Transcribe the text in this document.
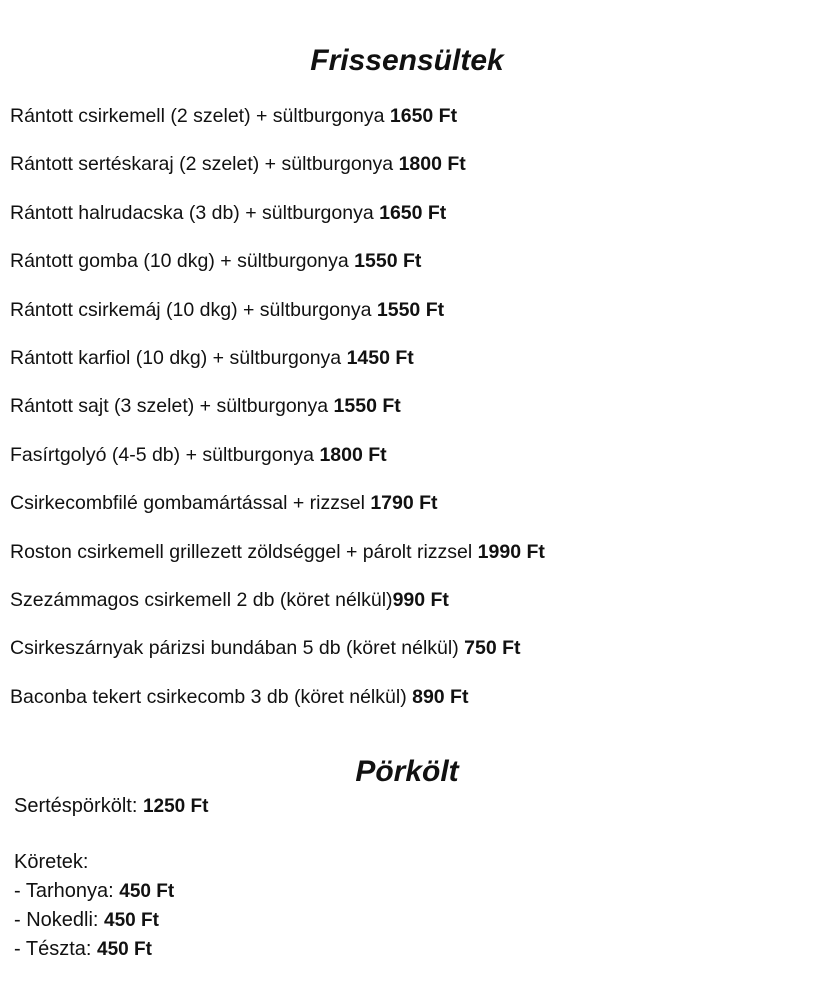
Frissensültek
Rántott csirkemell (2 szelet) + sültburgonya 1650 Ft
Rántott sertéskaraj (2 szelet) + sültburgonya 1800 Ft
Rántott halrudacska (3 db) + sültburgonya 1650 Ft
Rántott gomba (10 dkg) + sültburgonya 1550 Ft
Rántott csirkemáj (10 dkg) + sültburgonya 1550 Ft
Rántott karfiol (10 dkg) + sültburgonya 1450 Ft
Rántott sajt (3 szelet) + sültburgonya 1550 Ft
Fasírtgolyó (4-5 db) + sültburgonya 1800 Ft
Csirkecombfilé gombamártással + rizzsel 1790 Ft
Roston csirkemell grillezett zöldséggel + párolt rizzsel 1990 Ft
Szezámmagos csirkemell 2 db (köret nélkül)990 Ft
Csirkeszárnyak párizsi bundában 5 db (köret nélkül) 750 Ft
Baconba tekert csirkecomb 3 db (köret nélkül) 890 Ft
Pörkölt
Sertéspörkölt: 1250 Ft
Köretek:
- Tarhonya: 450 Ft
- Nokedli: 450 Ft
- Tészta: 450 Ft
